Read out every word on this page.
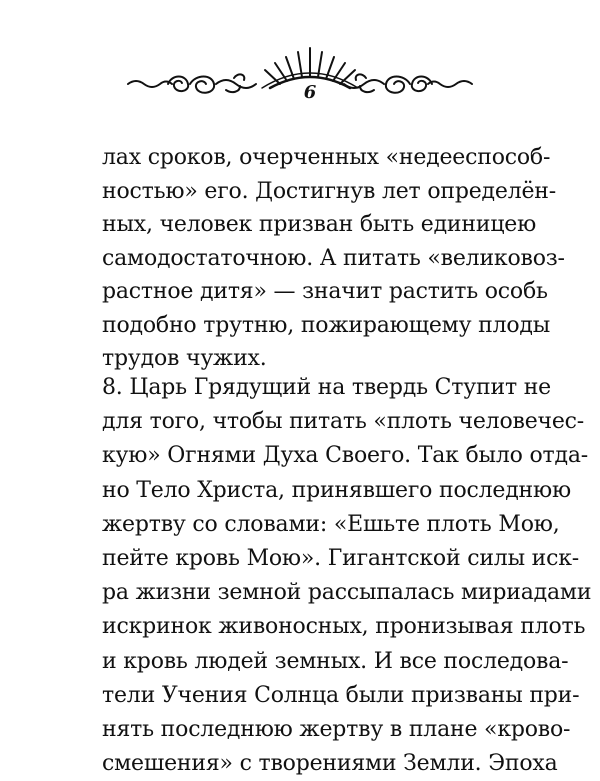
6
лах сроков, очерченных «недееспособ-
ностью» его. Достигнув лет определён-
ных, человек призван быть единицею
самодостаточною. А питать «великовоз-
растное дитя» — значит растить особь
подобно трутню, пожирающему плоды
трудов чужих.
8. Царь Грядущий на твердь Ступит не
для того, чтобы питать «плоть человечес-
кую» Огнями Духа Своего. Так было отда-
но Тело Христа, принявшего последнюю
жертву со словами: «Ешьте плоть Мою,
пейте кровь Мою». Гигантской силы иск-
ра жизни земной рассыпалась мириадами
искринок живоносных, пронизывая плоть
и кровь людей земных. И все последова-
тели Учения Солнца были призваны при-
нять последнюю жертву в плане «крово-
смешения» с творениями Земли. Эпоха
